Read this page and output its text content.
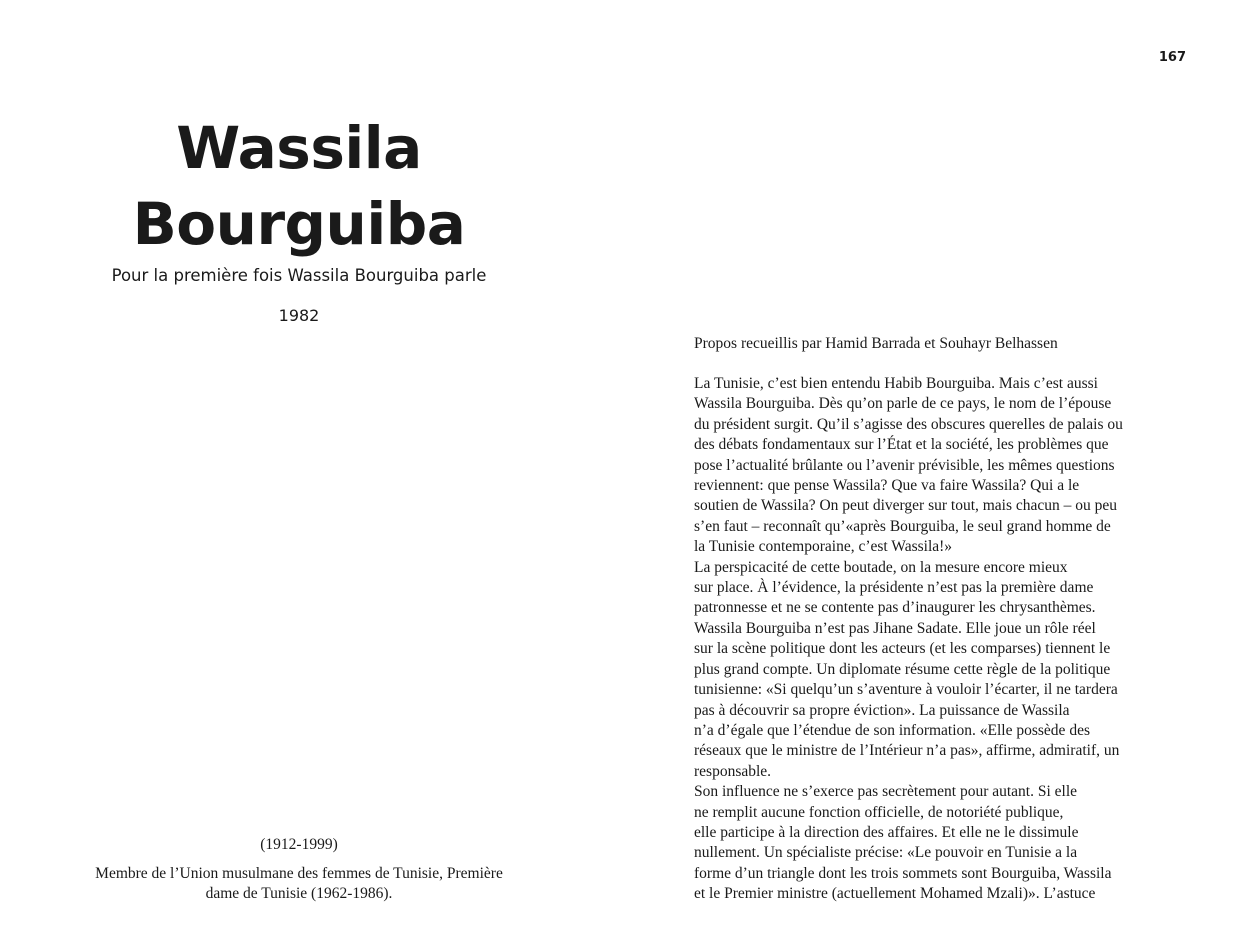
167
Wassila
Bourguiba
Pour la première fois Wassila Bourguiba parle
1982
(1912-1999)
Membre de l’Union musulmane des femmes de Tunisie, Première
dame de Tunisie (1962-1986).
Propos recueillis par Hamid Barrada et Souhayr Belhassen
La Tunisie, c’est bien entendu Habib Bourguiba. Mais c’est aussi
Wassila Bourguiba. Dès qu’on parle de ce pays, le nom de l’épouse
du président surgit. Qu’il s’agisse des obscures querelles de palais ou
des débats fondamentaux sur l’État et la société, les problèmes que
pose l’actualité brûlante ou l’avenir prévisible, les mêmes questions
reviennent: que pense Wassila? Que va faire Wassila? Qui a le
soutien de Wassila? On peut diverger sur tout, mais chacun – ou peu
s’en faut – reconnaît qu’«après Bourguiba, le seul grand homme de
la Tunisie contemporaine, c’est Wassila!»
La perspicacité de cette boutade, on la mesure encore mieux
sur place. À l’évidence, la présidente n’est pas la première dame
patronnesse et ne se contente pas d’inaugurer les chrysanthèmes.
Wassila Bourguiba n’est pas Jihane Sadate. Elle joue un rôle réel
sur la scène politique dont les acteurs (et les comparses) tiennent le
plus grand compte. Un diplomate résume cette règle de la politique
tunisienne: «Si quelqu’un s’aventure à vouloir l’écarter, il ne tardera
pas à découvrir sa propre éviction». La puissance de Wassila
n’a d’égale que l’étendue de son information. «Elle possède des
réseaux que le ministre de l’Intérieur n’a pas», affirme, admiratif, un
responsable.
Son influence ne s’exerce pas secrètement pour autant. Si elle
ne remplit aucune fonction officielle, de notoriété publique,
elle participe à la direction des affaires. Et elle ne le dissimule
nullement. Un spécialiste précise: «Le pouvoir en Tunisie a la
forme d’un triangle dont les trois sommets sont Bourguiba, Wassila
et le Premier ministre (actuellement Mohamed Mzali)». L’astuce
